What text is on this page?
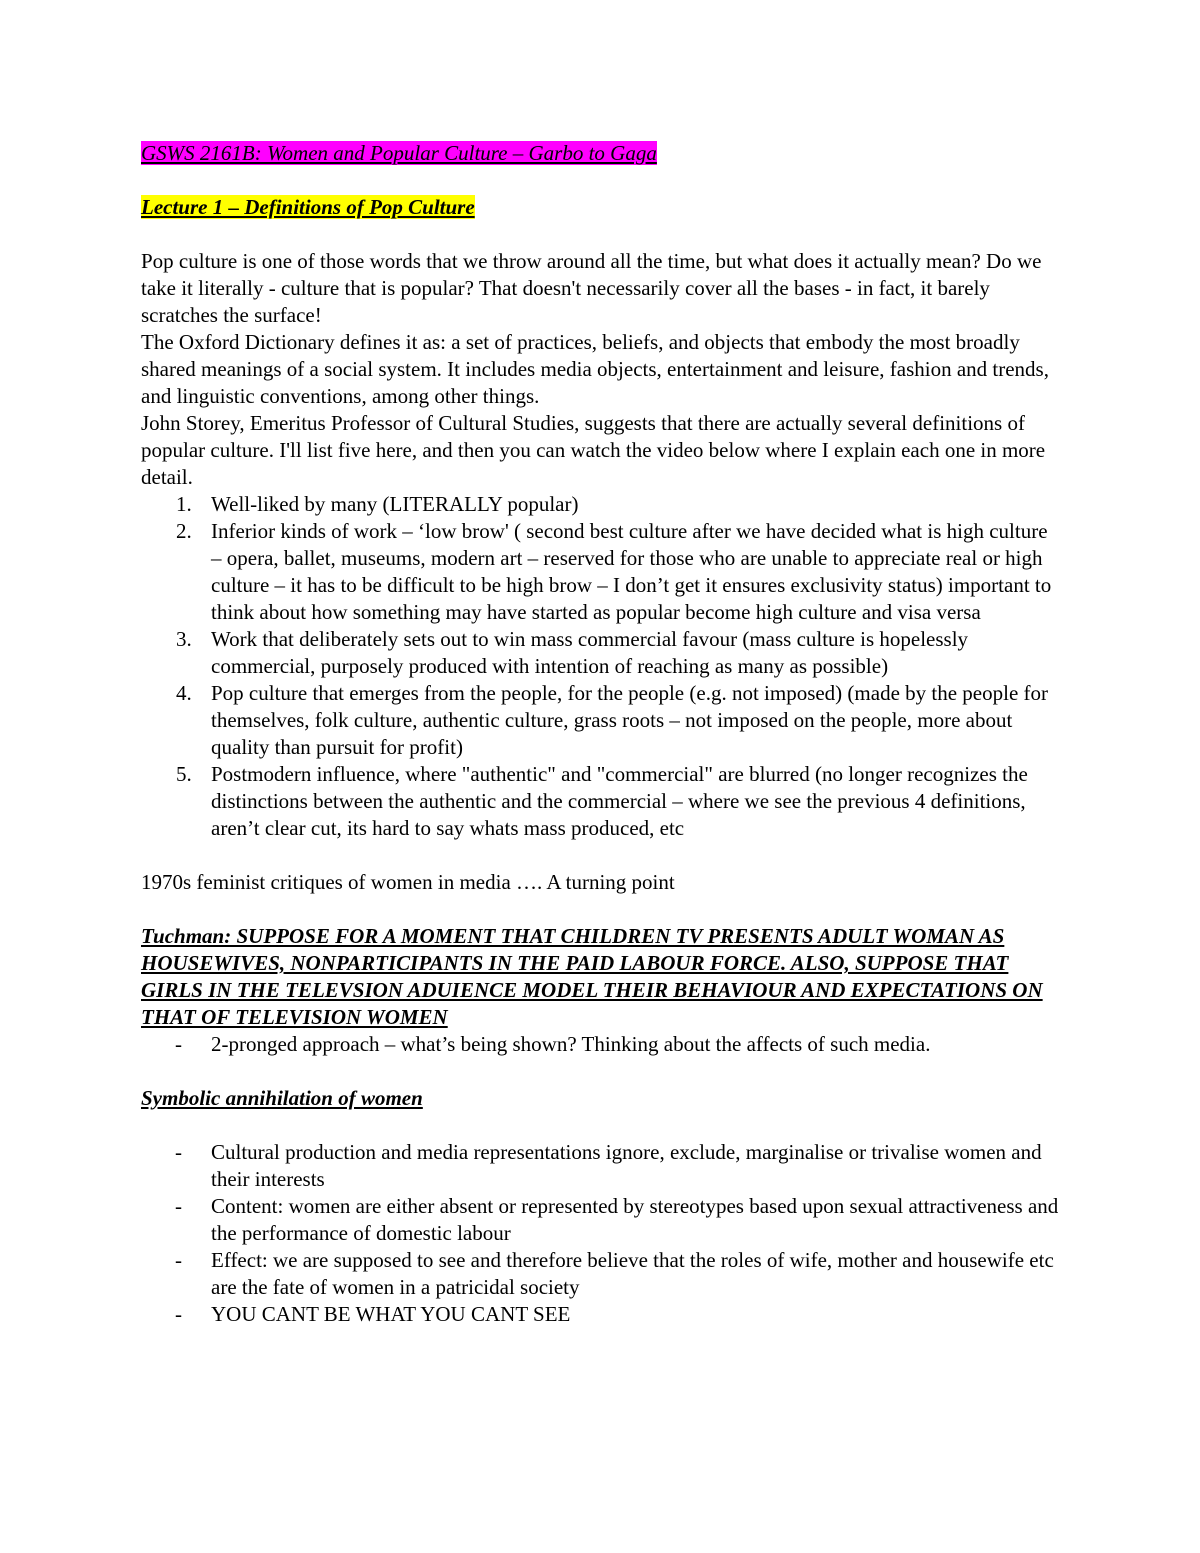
GSWS 2161B: Women and Popular Culture – Garbo to Gaga
Lecture 1 – Definitions of Pop Culture

Pop culture is one of those words that we throw around all the time, but what does it actually mean? Do we take it literally - culture that is popular? That doesn't necessarily cover all the bases - in fact, it barely scratches the surface!

The Oxford Dictionary defines it as: a set of practices, beliefs, and objects that embody the most broadly shared meanings of a social system. It includes media objects, entertainment and leisure, fashion and trends, and linguistic conventions, among other things.

John Storey, Emeritus Professor of Cultural Studies, suggests that there are actually several definitions of popular culture. I'll list five here, and then you can watch the video below where I explain each one in more detail.

1. Well-liked by many (LITERALLY popular)
2. Inferior kinds of work – ‘low brow' ( second best culture after we have decided what is high culture – opera, ballet, museums, modern art – reserved for those who are unable to appreciate real or high culture – it has to be difficult to be high brow – I don’t get it ensures exclusivity status) important to think about how something may have started as popular become high culture and visa versa
3. Work that deliberately sets out to win mass commercial favour (mass culture is hopelessly commercial, purposely produced with intention of reaching as many as possible)
4. Pop culture that emerges from the people, for the people (e.g. not imposed) (made by the people for themselves, folk culture, authentic culture, grass roots – not imposed on the people, more about quality than pursuit for profit)
5. Postmodern influence, where "authentic" and "commercial" are blurred (no longer recognizes the distinctions between the authentic and the commercial – where we see the previous 4 definitions, aren’t clear cut, its hard to say whats mass produced, etc

1970s feminist critiques of women in media …. A turning point

Tuchman: SUPPOSE FOR A MOMENT THAT CHILDREN TV PRESENTS ADULT WOMAN AS HOUSEWIVES, NONPARTICIPANTS IN THE PAID LABOUR FORCE. ALSO, SUPPOSE THAT GIRLS IN THE TELEVSION ADUIENCE MODEL THEIR BEHAVIOUR AND EXPECTATIONS ON THAT OF TELEVISION WOMEN

- 2-pronged approach – what’s being shown? Thinking about the affects of such media.

Symbolic annihilation of women

- Cultural production and media representations ignore, exclude, marginalise or trivalise women and their interests
- Content: women are either absent or represented by stereotypes based upon sexual attractiveness and the performance of domestic labour
- Effect: we are supposed to see and therefore believe that the roles of wife, mother and housewife etc are the fate of women in a patricidal society
- YOU CANT BE WHAT YOU CANT SEE
